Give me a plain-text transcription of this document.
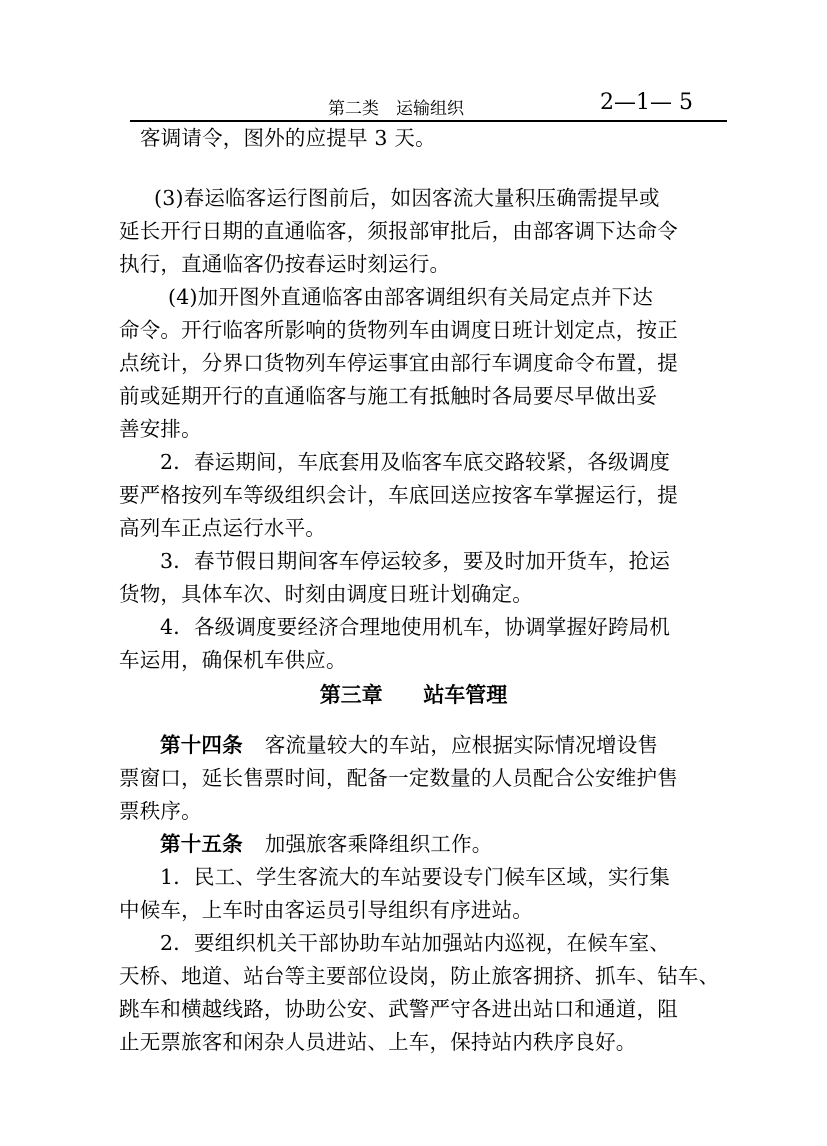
第二类　运输组织	2—1— 5
客调请令，图外的应提早 3 天。
(3)春运临客运行图前后，如因客流大量积压确需提早或
延长开行日期的直通临客，须报部审批后，由部客调下达命令
执行，直通临客仍按春运时刻运行。
(4)加开图外直通临客由部客调组织有关局定点并下达
命令。开行临客所影响的货物列车由调度日班计划定点，按正
点统计，分界口货物列车停运事宜由部行车调度命令布置，提
前或延期开行的直通临客与施工有抵触时各局要尽早做出妥
善安排。
2．春运期间，车底套用及临客车底交路较紧，各级调度
要严格按列车等级组织会计，车底回送应按客车掌握运行，提
高列车正点运行水平。
3．春节假日期间客车停运较多，要及时加开货车，抢运
货物，具体车次、时刻由调度日班计划确定。
4．各级调度要经济合理地使用机车，协调掌握好跨局机
车运用，确保机车供应。
第三章 站车管理
第十四条 客流量较大的车站，应根据实际情况增设售
票窗口，延长售票时间，配备一定数量的人员配合公安维护售
票秩序。
第十五条 加强旅客乘降组织工作。
1．民工、学生客流大的车站要设专门候车区域，实行集
中候车，上车时由客运员引导组织有序进站。
2．要组织机关干部协助车站加强站内巡视，在候车室、
天桥、地道、站台等主要部位设岗，防止旅客拥挤、抓车、钻车、
跳车和横越线路，协助公安、武警严守各进出站口和通道，阻
止无票旅客和闲杂人员进站、上车，保持站内秩序良好。
